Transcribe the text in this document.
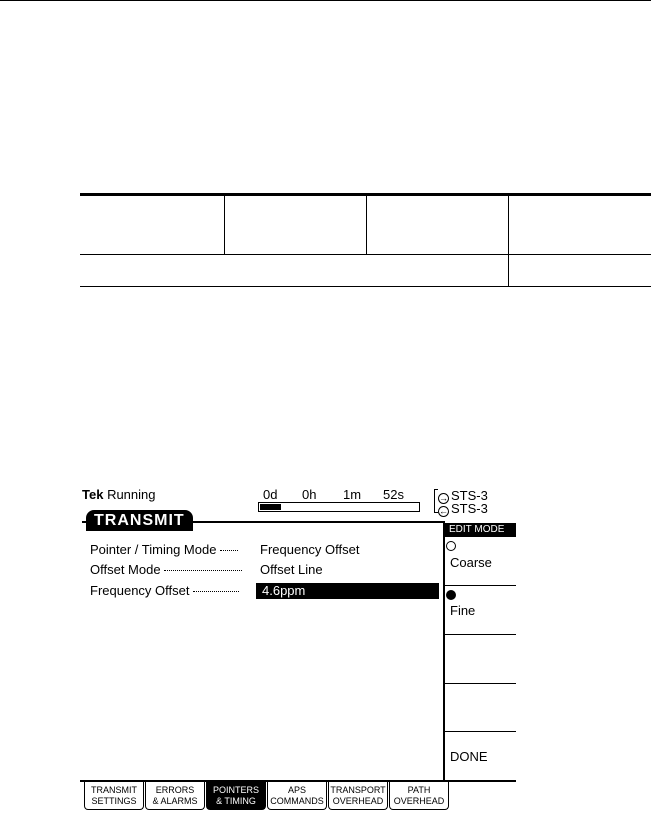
Tek Running	0d 0h 1m 52s	→ STS-3
← STS-3
TRANSMIT
Pointer / Timing Mode	Frequency Offset
Offset Mode	Offset Line
Frequency Offset	4.6ppm
EDIT MODE
Coarse
Fine
DONE
TRANSMIT
SETTINGS
ERRORS
& ALARMS
POINTERS
& TIMING
APS
COMMANDS
TRANSPORT
OVERHEAD
PATH
OVERHEAD
